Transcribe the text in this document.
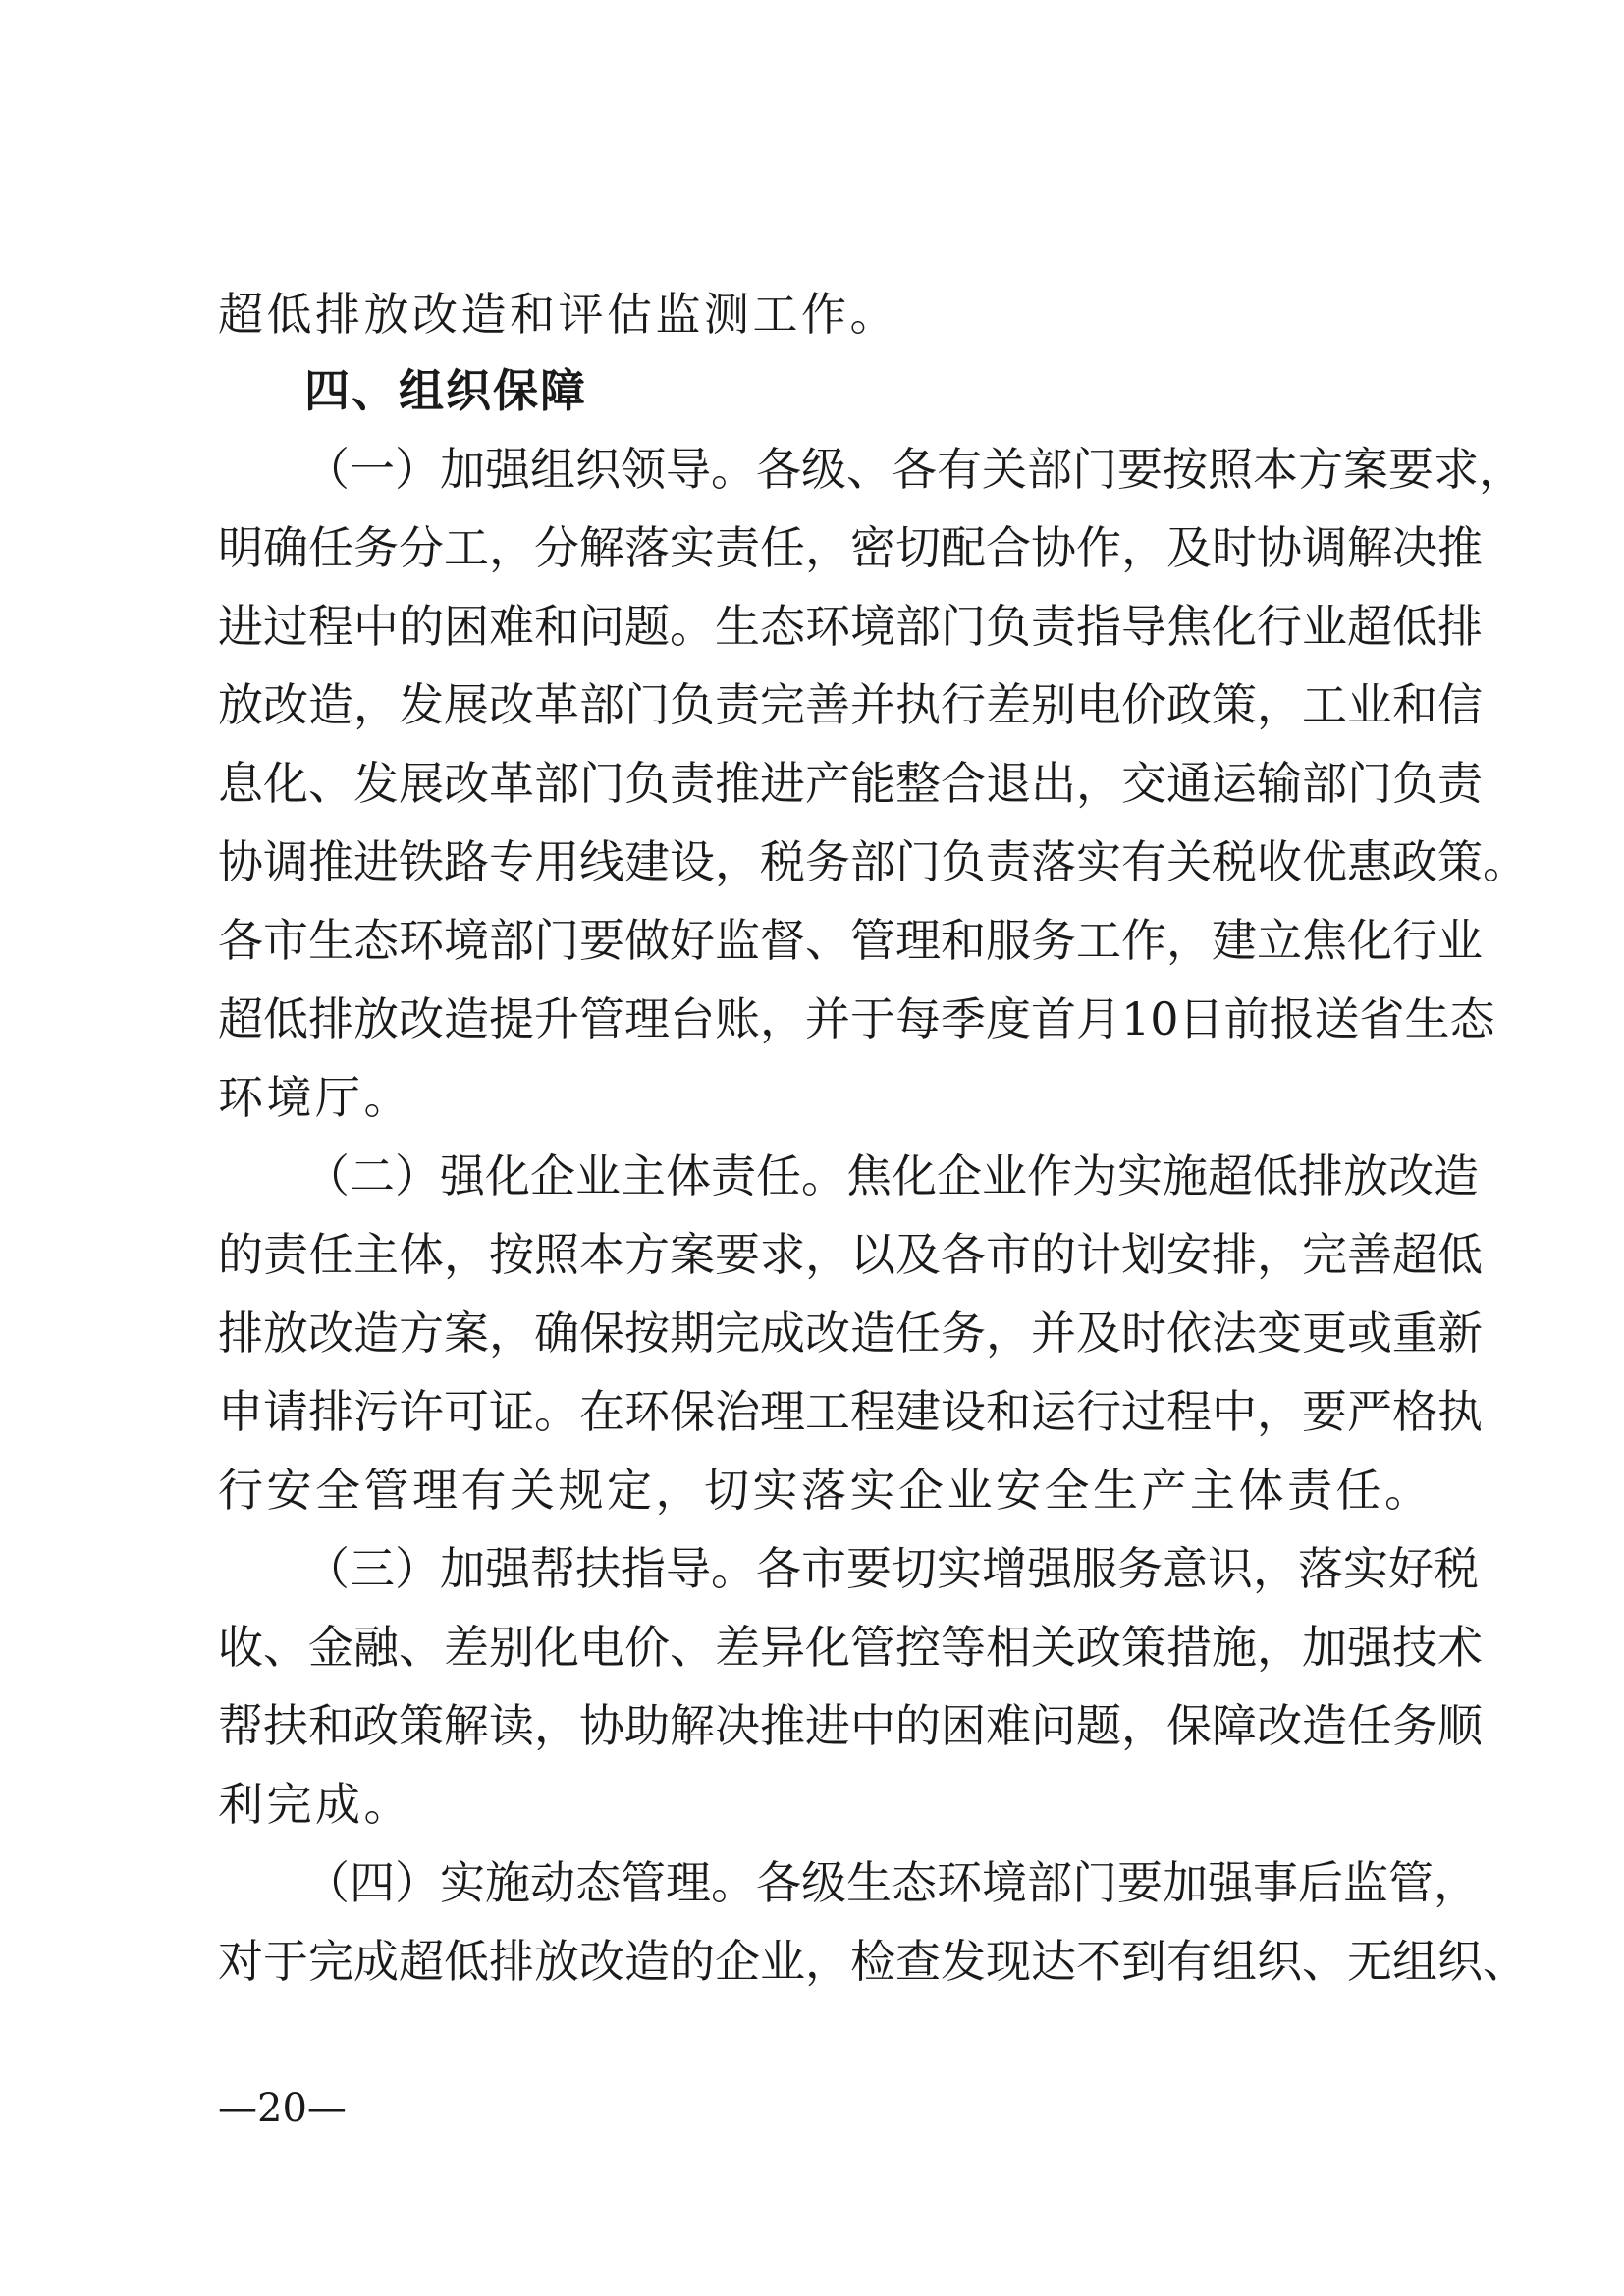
超低排放改造和评估监测工作。
四、组织保障
（一）加强组织领导。各级、各有关部门要按照本方案要求，
明确任务分工，分解落实责任，密切配合协作，及时协调解决推
进过程中的困难和问题。生态环境部门负责指导焦化行业超低排
放改造，发展改革部门负责完善并执行差别电价政策，工业和信
息化、发展改革部门负责推进产能整合退出，交通运输部门负责
协调推进铁路专用线建设，税务部门负责落实有关税收优惠政策。
各市生态环境部门要做好监督、管理和服务工作，建立焦化行业
超低排放改造提升管理台账，并于每季度首月10日前报送省生态
环境厅。
（二）强化企业主体责任。焦化企业作为实施超低排放改造
的责任主体，按照本方案要求，以及各市的计划安排，完善超低
排放改造方案，确保按期完成改造任务，并及时依法变更或重新
申请排污许可证。在环保治理工程建设和运行过程中，要严格执
行安全管理有关规定，切实落实企业安全生产主体责任。
（三）加强帮扶指导。各市要切实增强服务意识，落实好税
收、金融、差别化电价、差异化管控等相关政策措施，加强技术
帮扶和政策解读，协助解决推进中的困难问题，保障改造任务顺
利完成。
（四）实施动态管理。各级生态环境部门要加强事后监管，
对于完成超低排放改造的企业，检查发现达不到有组织、无组织、
—20—
